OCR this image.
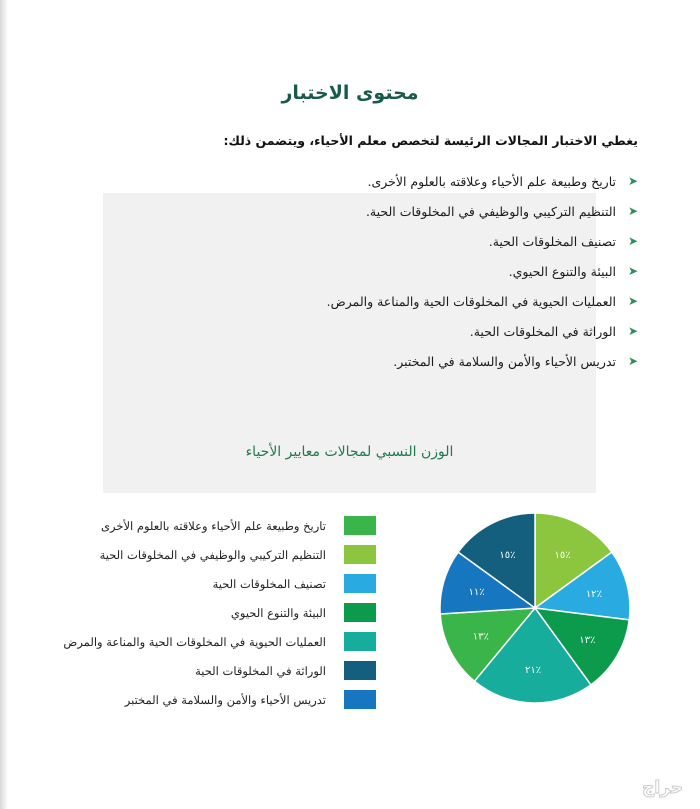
محتوى الاختبار
يغطي الاختبار المجالات الرئيسة لتخصص معلم الأحياء، ويتضمن ذلك:
➤
تاريخ وطبيعة علم الأحياء وعلاقته بالعلوم الأخرى.
➤
التنظيم التركيبي والوظيفي في المخلوقات الحية.
➤
تصنيف المخلوقات الحية.
➤
البيئة والتنوع الحيوي.
➤
العمليات الحيوية في المخلوقات الحية والمناعة والمرض.
➤
الوراثة في المخلوقات الحية.
➤
تدريس الأحياء والأمن والسلامة في المختبر.
الوزن النسبي لمجالات معايير الأحياء
تاريخ وطبيعة علم الأحياء وعلاقته بالعلوم الأخرى
التنظيم التركيبي والوظيفي في المخلوقات الحية
تصنيف المخلوقات الحية
البيئة والتنوع الحيوي
العمليات الحيوية في المخلوقات الحية والمناعة والمرض
الوراثة في المخلوقات الحية
تدريس الأحياء والأمن والسلامة في المختبر
١٥٪
١٢٪
١٣٪
٢١٪
١٣٪
١١٪
١٥٪
حراج
